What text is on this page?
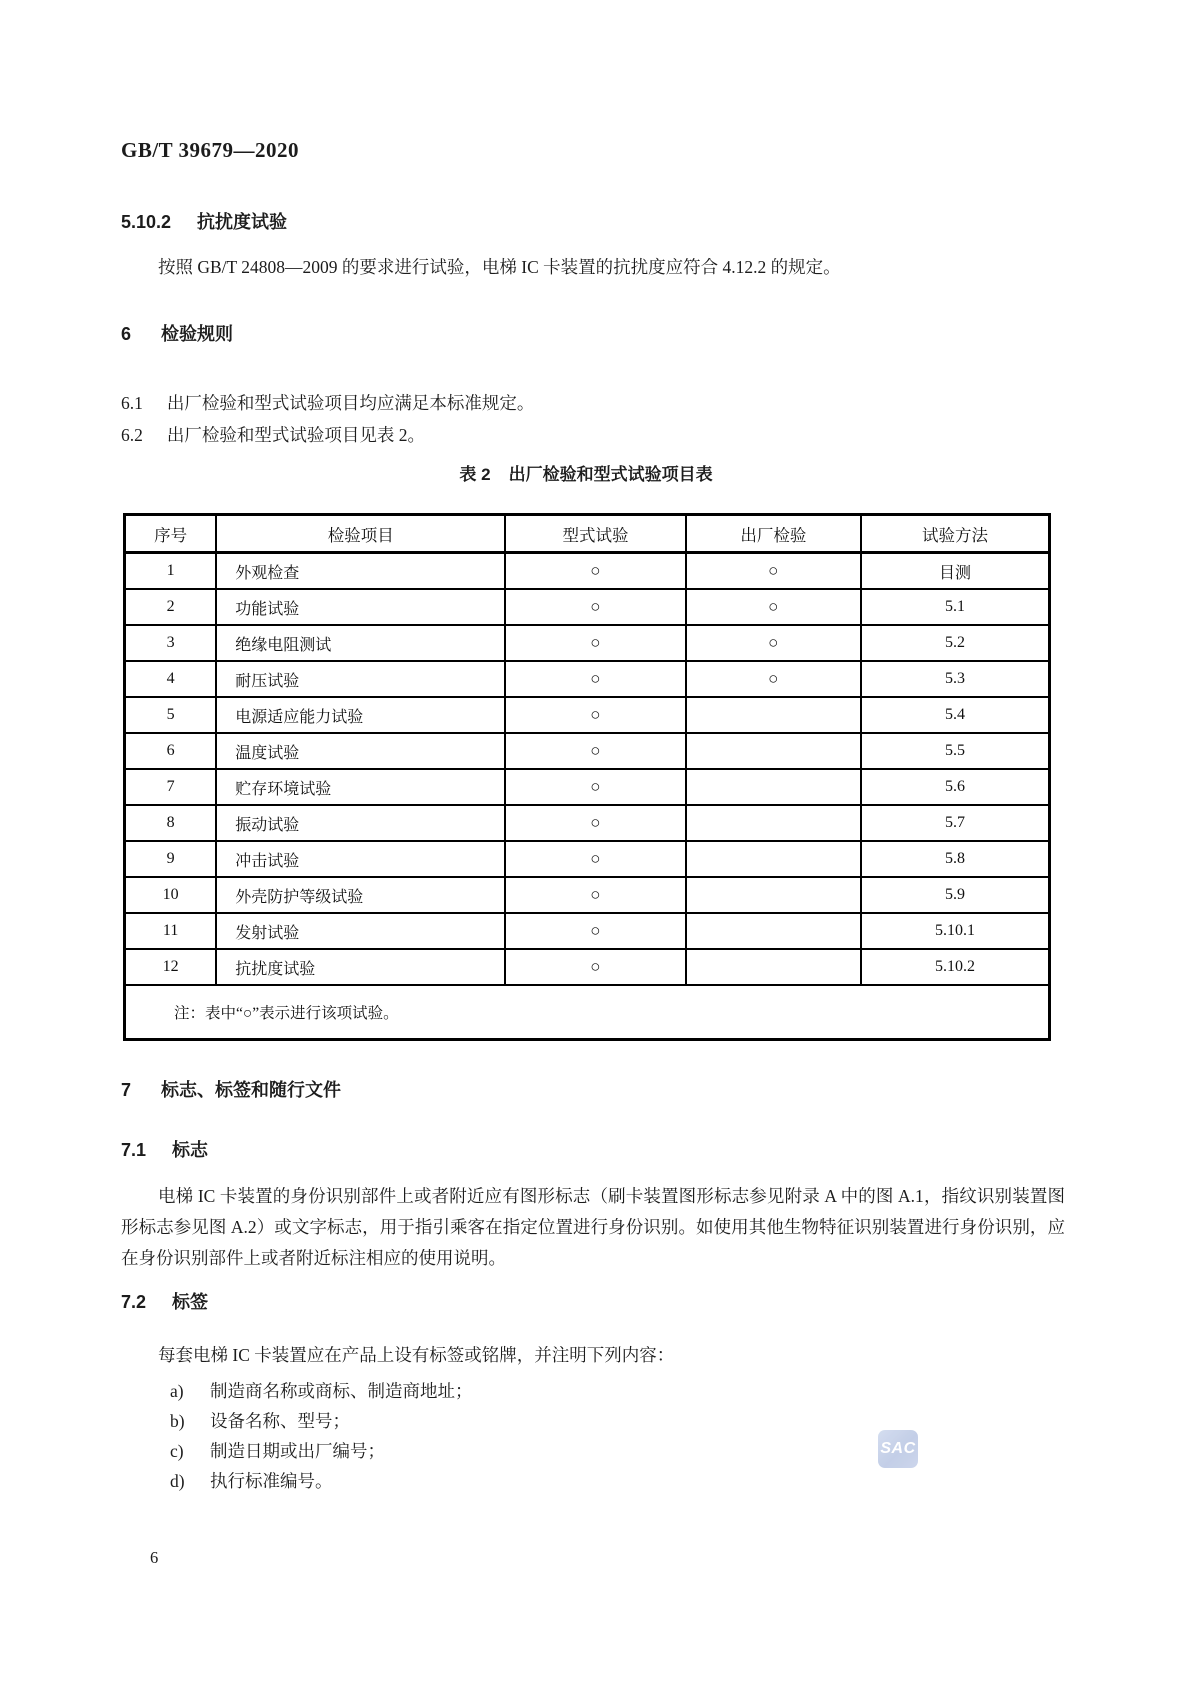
GB/T 39679—2020
5.10.2 抗扰度试验
按照 GB/T 24808—2009 的要求进行试验，电梯 IC 卡装置的抗扰度应符合 4.12.2 的规定。
6 检验规则
6.1 出厂检验和型式试验项目均应满足本标准规定。
6.2 出厂检验和型式试验项目见表 2。
表 2 出厂检验和型式试验项目表
序号	检验项目	型式试验	出厂检验	试验方法
1	外观检查	○	○	目测
2	功能试验	○	○	5.1
3	绝缘电阻测试	○	○	5.2
4	耐压试验	○	○	5.3
5	电源适应能力试验	○		5.4
6	温度试验	○		5.5
7	贮存环境试验	○		5.6
8	振动试验	○		5.7
9	冲击试验	○		5.8
10	外壳防护等级试验	○		5.9
11	发射试验	○		5.10.1
12	抗扰度试验	○		5.10.2
注：表中“○”表示进行该项试验。				
7 标志、标签和随行文件
7.1 标志
电梯 IC 卡装置的身份识别部件上或者附近应有图形标志（刷卡装置图形标志参见附录 A 中的图 A.1，指纹识别装置图形标志参见图 A.2）或文字标志，用于指引乘客在指定位置进行身份识别。如使用其他生物特征识别装置进行身份识别，应在身份识别部件上或者附近标注相应的使用说明。
7.2 标签
每套电梯 IC 卡装置应在产品上设有标签或铭牌，并注明下列内容：
a) 制造商名称或商标、制造商地址；
b) 设备名称、型号；
c) 制造日期或出厂编号；
d) 执行标准编号。
SAC
6
